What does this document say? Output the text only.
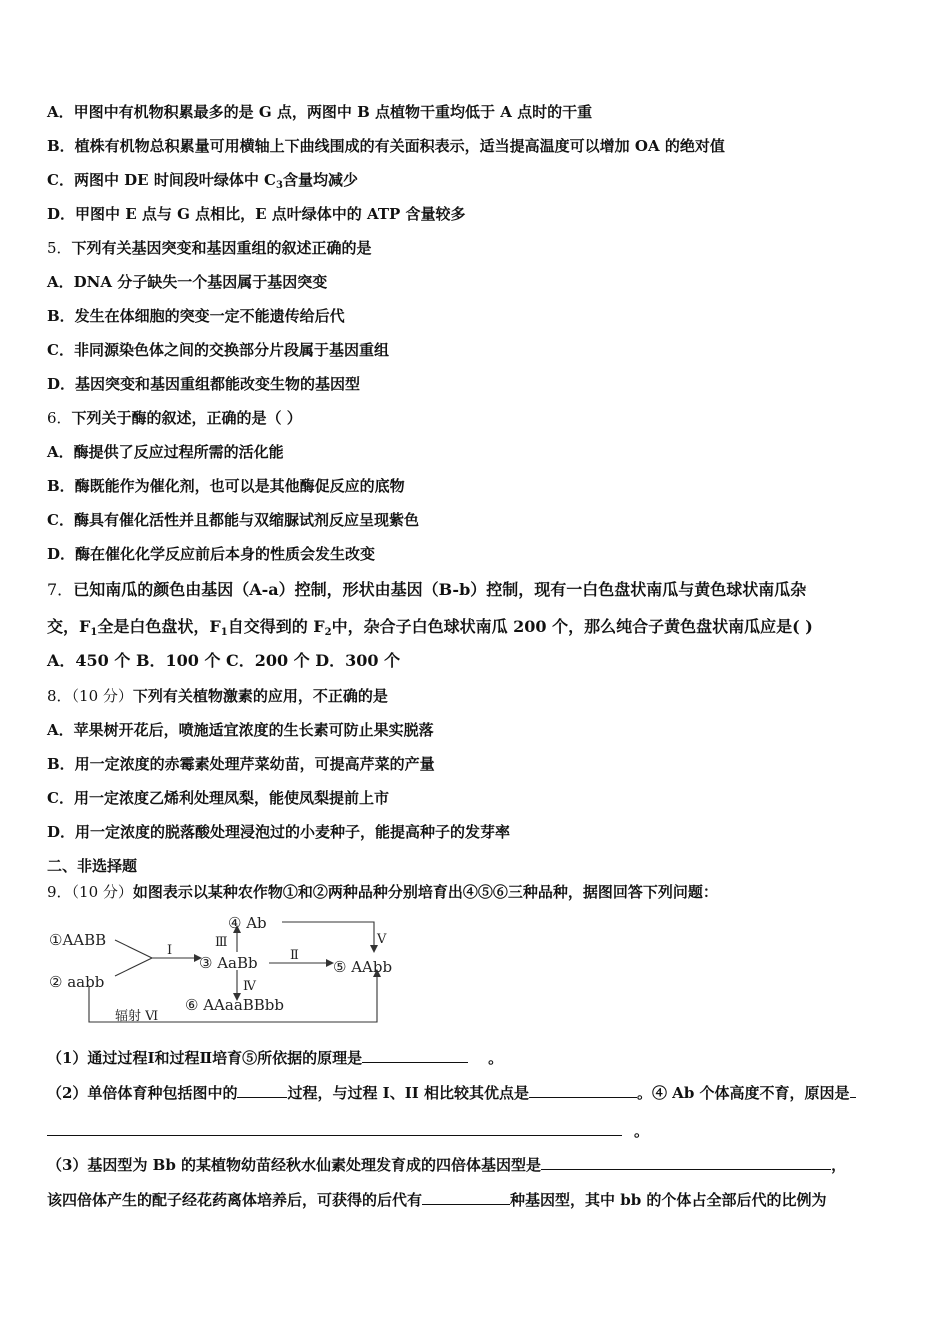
A．甲图中有机物积累最多的是 G 点，两图中 B 点植物干重均低于 A 点时的干重
B．植株有机物总积累量可用横轴上下曲线围成的有关面积表示，适当提高温度可以增加 OA 的绝对值
C．两图中 DE 时间段叶绿体中 $C_3$含量均减少
D．甲图中 E 点与 G 点相比，E 点叶绿体中的 ATP 含量较多
5．下列有关基因突变和基因重组的叙述正确的是
A．DNA 分子缺失一个基因属于基因突变
B．发生在体细胞的突变一定不能遗传给后代
C．非同源染色体之间的交换部分片段属于基因重组
D．基因突变和基因重组都能改变生物的基因型
6．下列关于酶的叙述，正确的是（ ）
A．酶提供了反应过程所需的活化能
B．酶既能作为催化剂，也可以是其他酶促反应的底物
C．酶具有催化活性并且都能与双缩脲试剂反应呈现紫色
D．酶在催化化学反应前后本身的性质会发生改变
7．已知南瓜的颜色由基因（A-a）控制，形状由基因（B-b）控制，现有一白色盘状南瓜与黄色球状南瓜杂
交，$F_1$全是白色盘状，$F_1$自交得到的 $F_2$中，杂合子白色球状南瓜 200 个，那么纯合子黄色盘状南瓜应是( )
A．450 个 B．100 个 C．200 个 D．300 个
8．（10 分）下列有关植物激素的应用，不正确的是
A．苹果树开花后，喷施适宜浓度的生长素可防止果实脱落
B．用一定浓度的赤霉素处理芹菜幼苗，可提高芹菜的产量
C．用一定浓度乙烯利处理凤梨，能使凤梨提前上市
D．用一定浓度的脱落酸处理浸泡过的小麦种子，能提高种子的发芽率
二、非选择题
9．（10 分）如图表示以某种农作物①和②两种品种分别培育出④⑤⑥三种品种，据图回答下列问题：
①AABB
② aabb
③ AaBb
④ Ab
⑤ AAbb
⑥ AAaaBBbb
Ⅰ	Ⅱ
Ⅲ
Ⅳ
Ⅴ
辐射 Ⅵ
（1）通过过程Ⅰ和过程Ⅱ培育⑤所依据的原理是	。
（2）单倍体育种包括图中的	过程，与过程 I、II 相比较其优点是	。④ Ab 个体高度不育，原因是
。
（3）基因型为 Bb 的某植物幼苗经秋水仙素处理发育成的四倍体基因型是	，
该四倍体产生的配子经花药离体培养后，可获得的后代有	种基因型，其中 bb 的个体占全部后代的比例为
